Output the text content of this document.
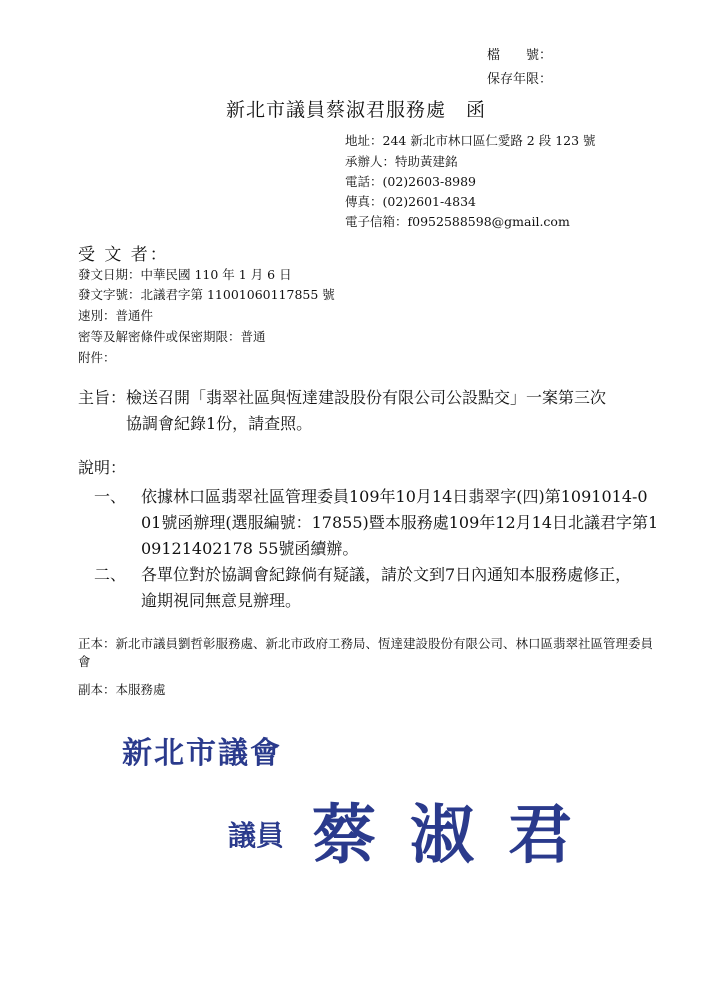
檔　　號：
保存年限：
新北市議員蔡淑君服務處　函
地址：244 新北市林口區仁愛路 2 段 123 號
承辦人：特助黃建銘
電話：(02)2603-8989
傳真：(02)2601-4834
電子信箱：f0952588598@gmail.com
受 文 者：
發文日期：中華民國 110 年 1 月 6 日
發文字號：北議君字第 11001060117855 號
速別：普通件
密等及解密條件或保密期限：普通
附件：
主旨：檢送召開「翡翠社區與恆達建設股份有限公司公設點交」一案第三次
協調會紀錄1份，請查照。
說明：
一、 依據林口區翡翠社區管理委員109年10月14日翡翠字(四)第1091014-0
01號函辦理(選服編號：17855)暨本服務處109年12月14日北議君字第1
09121402178 55號函續辦。
二、 各單位對於協調會紀錄倘有疑議，請於文到7日內通知本服務處修正，
逾期視同無意見辦理。
正本：新北市議員劉哲彰服務處、新北市政府工務局、恆達建設股份有限公司、林口區翡翠社區管理委員會
副本：本服務處
新北市議會
議員 蔡淑君
